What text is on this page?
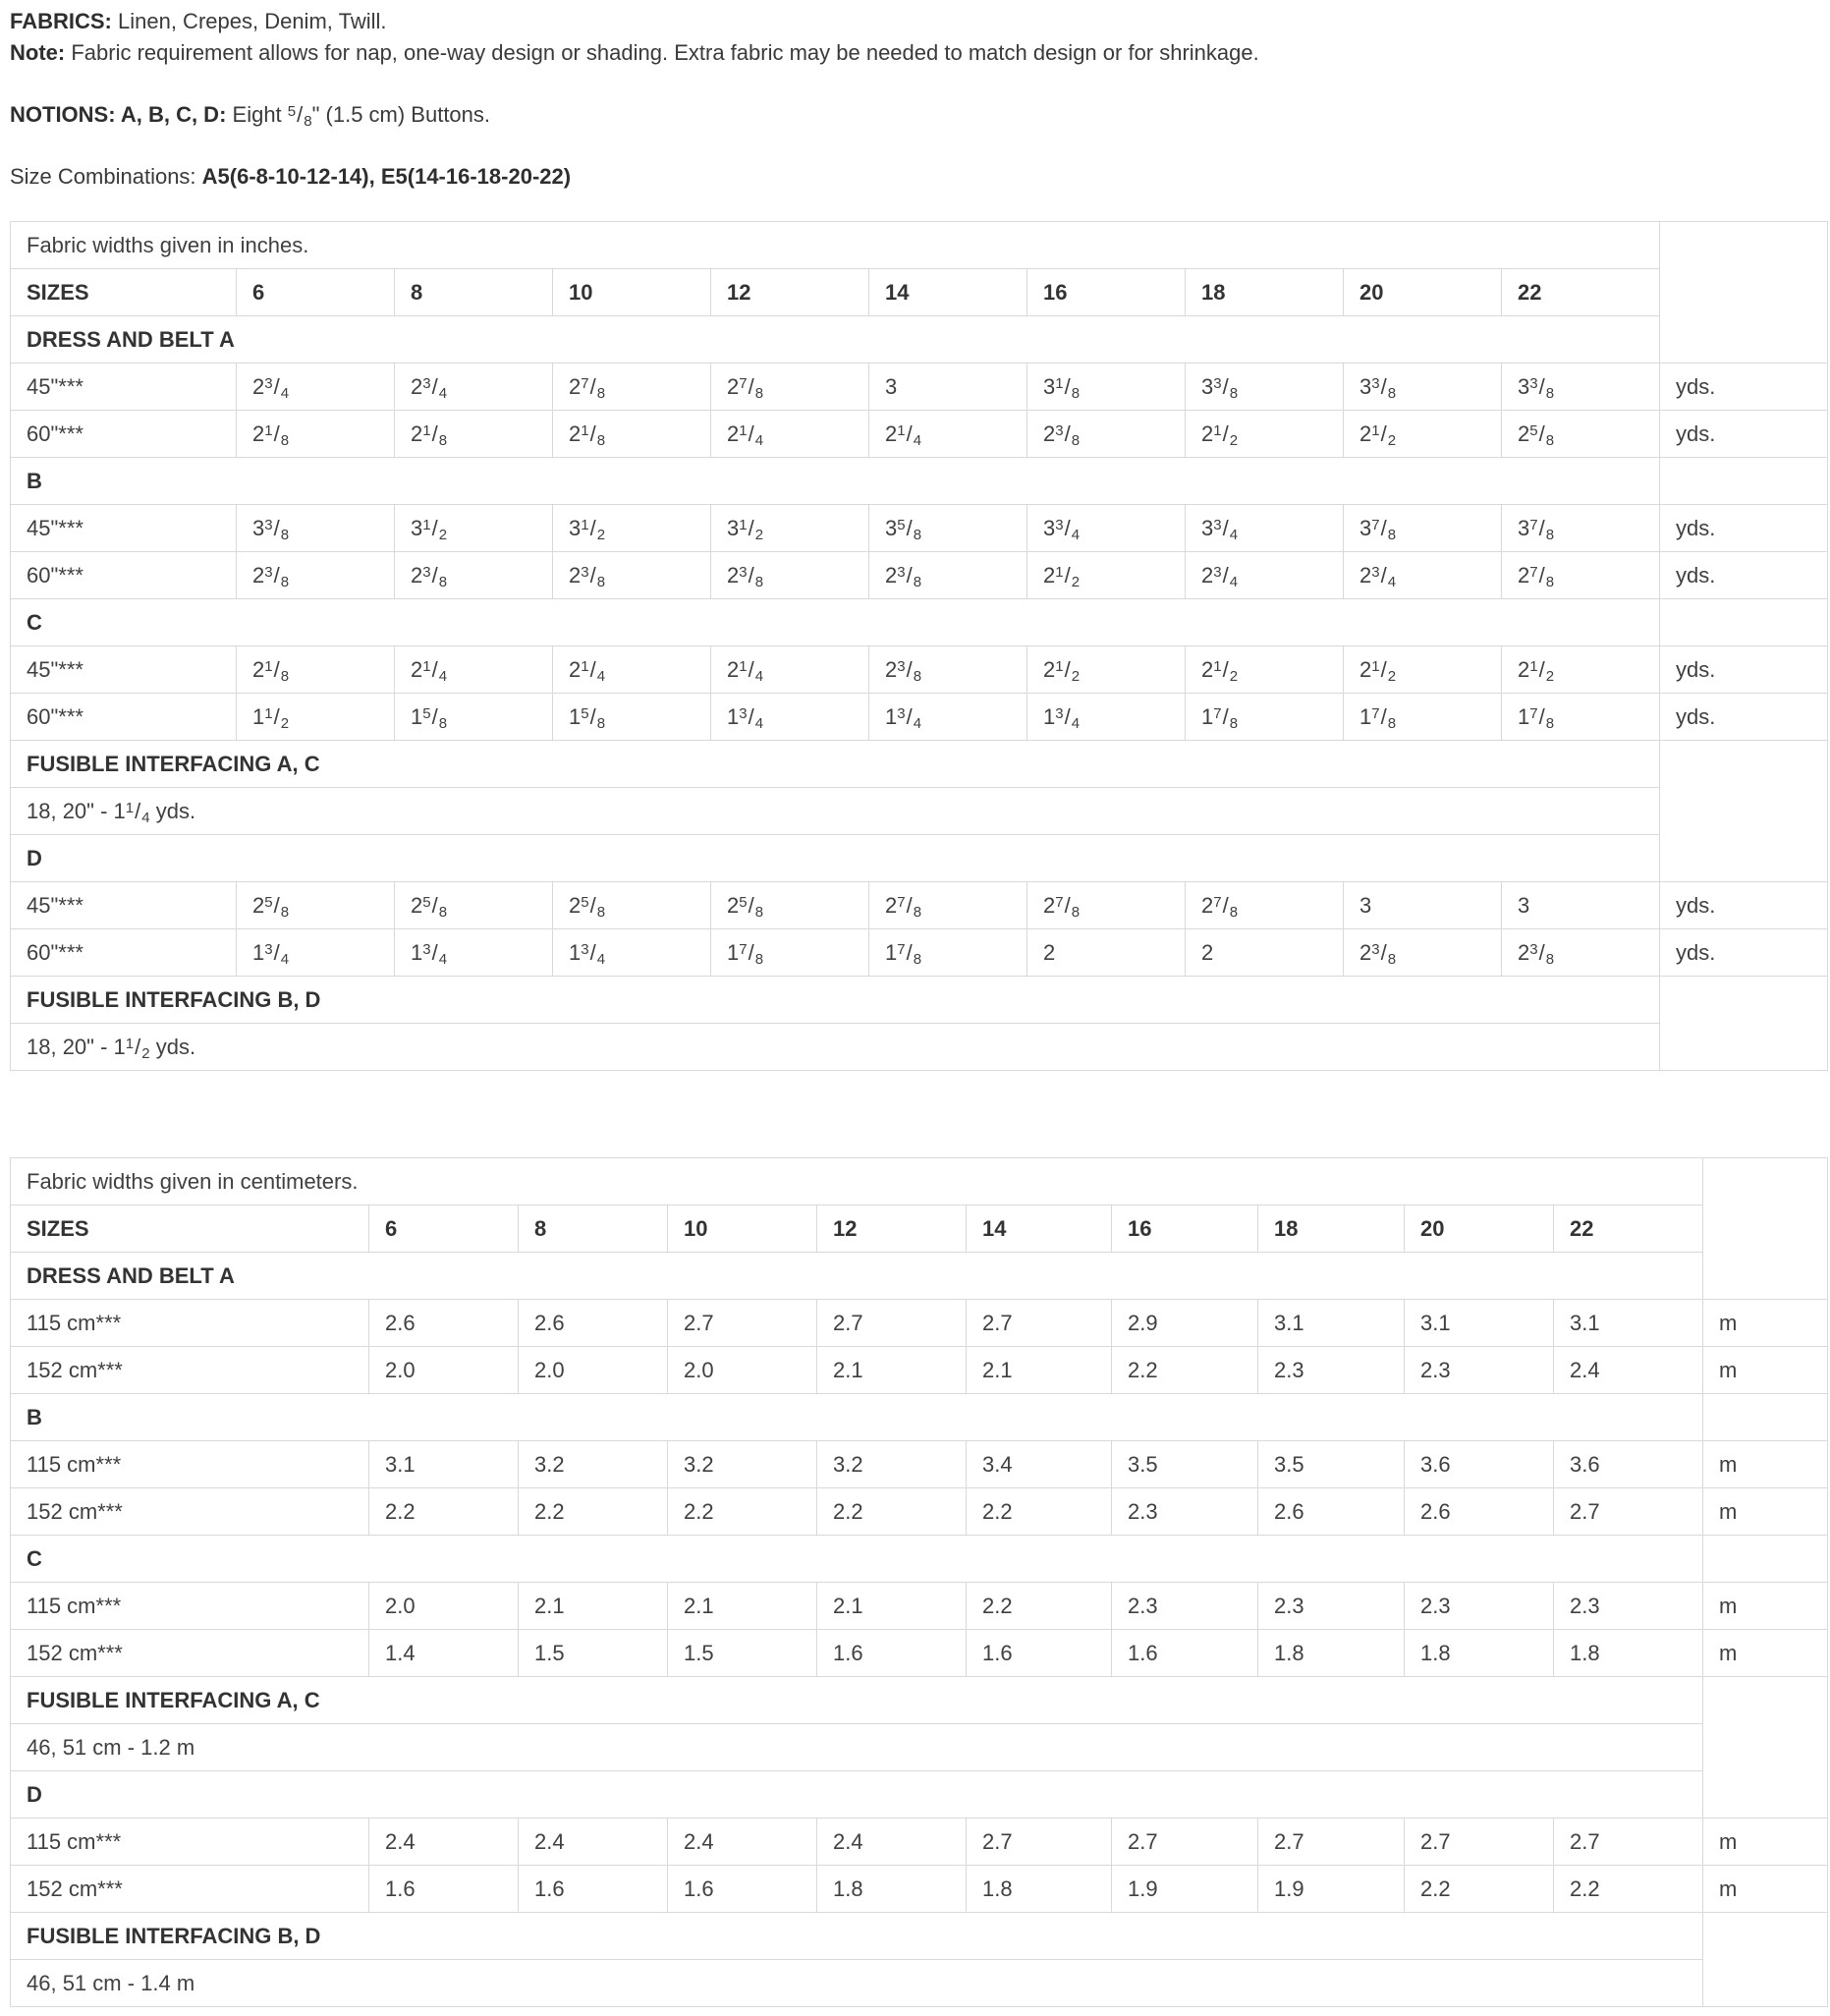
FABRICS: Linen, Crepes, Denim, Twill.

Note: Fabric requirement allows for nap, one-way design or shading. Extra fabric may be needed to match design or for shrinkage.

NOTIONS: A, B, C, D: Eight $^5/_8$" (1.5 cm) Buttons.

Size Combinations: A5(6-8-10-12-14), E5(14-16-18-20-22)

Fabric widths given in inches.											
SIZES	6	8	10	12	14	16	18	20	22		
DRESS AND BELT A											
45"***	$2^3/_4$	$2^3/_4$	$2^7/_8$	$2^7/_8$	3	$3^1/_8$	$3^3/_8$	$3^3/_8$	$3^3/_8$	yds.	
60"***	$2^1/_8$	$2^1/_8$	$2^1/_8$	$2^1/_4$	$2^1/_4$	$2^3/_8$	$2^1/_2$	$2^1/_2$	$2^5/_8$	yds.	
B											
45"***	$3^3/_8$	$3^1/_2$	$3^1/_2$	$3^1/_2$	$3^5/_8$	$3^3/_4$	$3^3/_4$	$3^7/_8$	$3^7/_8$	yds.	
60"***	$2^3/_8$	$2^3/_8$	$2^3/_8$	$2^3/_8$	$2^3/_8$	$2^1/_2$	$2^3/_4$	$2^3/_4$	$2^7/_8$	yds.	
C											
45"***	$2^1/_8$	$2^1/_4$	$2^1/_4$	$2^1/_4$	$2^3/_8$	$2^1/_2$	$2^1/_2$	$2^1/_2$	$2^1/_2$	yds.	
60"***	$1^1/_2$	$1^5/_8$	$1^5/_8$	$1^3/_4$	$1^3/_4$	$1^3/_4$	$1^7/_8$	$1^7/_8$	$1^7/_8$	yds.	
FUSIBLE INTERFACING A, C											
18, 20" - $1^1/_4$ yds.											
D											
45"***	$2^5/_8$	$2^5/_8$	$2^5/_8$	$2^5/_8$	$2^7/_8$	$2^7/_8$	$2^7/_8$	3	3	yds.	
60"***	$1^3/_4$	$1^3/_4$	$1^3/_4$	$1^7/_8$	$1^7/_8$	2	2	$2^3/_8$	$2^3/_8$	yds.	
FUSIBLE INTERFACING B, D											
18, 20" - $1^1/_2$ yds.											
Fabric widths given in centimeters.											
SIZES	6	8	10	12	14	16	18	20	22		
DRESS AND BELT A											
115 cm***	2.6	2.6	2.7	2.7	2.7	2.9	3.1	3.1	3.1	m	
152 cm***	2.0	2.0	2.0	2.1	2.1	2.2	2.3	2.3	2.4	m	
B											
115 cm***	3.1	3.2	3.2	3.2	3.4	3.5	3.5	3.6	3.6	m	
152 cm***	2.2	2.2	2.2	2.2	2.2	2.3	2.6	2.6	2.7	m	
C											
115 cm***	2.0	2.1	2.1	2.1	2.2	2.3	2.3	2.3	2.3	m	
152 cm***	1.4	1.5	1.5	1.6	1.6	1.6	1.8	1.8	1.8	m	
FUSIBLE INTERFACING A, C											
46, 51 cm - 1.2 m											
D											
115 cm***	2.4	2.4	2.4	2.4	2.7	2.7	2.7	2.7	2.7	m	
152 cm***	1.6	1.6	1.6	1.8	1.8	1.9	1.9	2.2	2.2	m	
FUSIBLE INTERFACING B, D											
46, 51 cm - 1.4 m											
